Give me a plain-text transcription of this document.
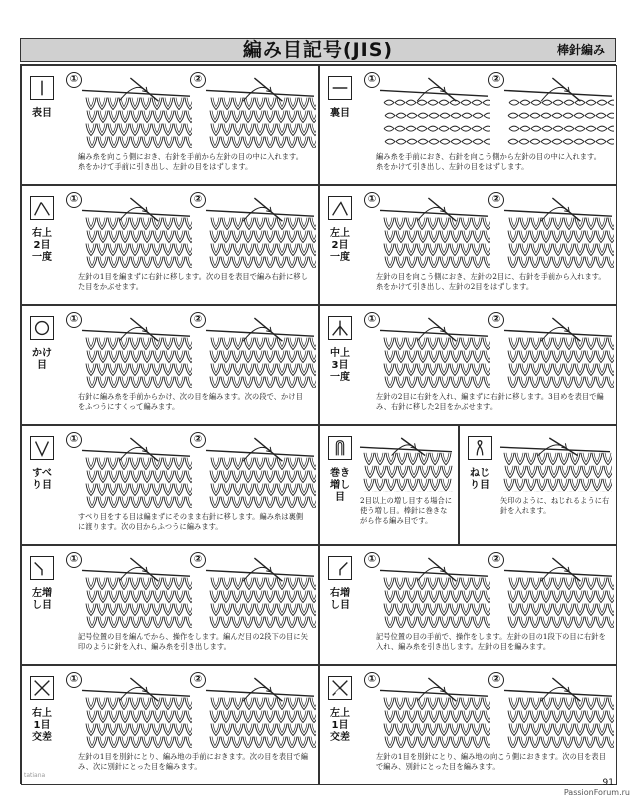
編み目記号(JIS)	棒針編み
表目
①	②
編み糸を向こう側におき、右針を手前から左針の目の中に入れます。糸をかけて手前に引き出し、左針の目をはずします。
裏目
①	②
編み糸を手前におき、右針を向こう側から左針の目の中に入れます。糸をかけて引き出し、左針の目をはずします。
右上2目一度
①	②
左針の1目を編まずに右針に移します。次の目を表目で編み右針に移した目をかぶせます。
左上2目一度
①	②
左針の目を向こう側におき、左針の2目に、右針を手前から入れます。糸をかけて引き出し、左針の2目をはずします。
かけ目
①	②
右針に編み糸を手前からかけ、次の目を編みます。次の段で、かけ目をふつうにすくって編みます。
中上3目一度
①	②
左針の2目に右針を入れ、編まずに右針に移します。3目めを表目で編み、右針に移した2目をかぶせます。
すべり目
①	②
すべり目をする目は編まずにそのまま右針に移します。編み糸は裏側に渡ります。次の目からふつうに編みます。
巻き増し目	2目以上の増し目する場合に使う増し目。棒針に巻きながら作る編み目です。
ねじり目
矢印のように、ねじれるように右針を入れます。
左増し目
①	②
記号位置の目を編んでから、操作をします。編んだ目の2段下の目に矢印のように針を入れ、編み糸を引き出します。
右増し目
①	②
記号位置の目の手前で、操作をします。左針の目の1段下の目に右針を入れ、編み糸を引き出します。左針の目を編みます。
右上1目交差
①	②
左針の1目を別針にとり、編み地の手前におきます。次の目を表目で編み、次に別針にとった目を編みます。
左上1目交差
①	②
左針の1目を別針にとり、編み地の向こう側におきます。次の目を表目で編み、別針にとった目を編みます。
tatiana
91
PassionForum.ru
